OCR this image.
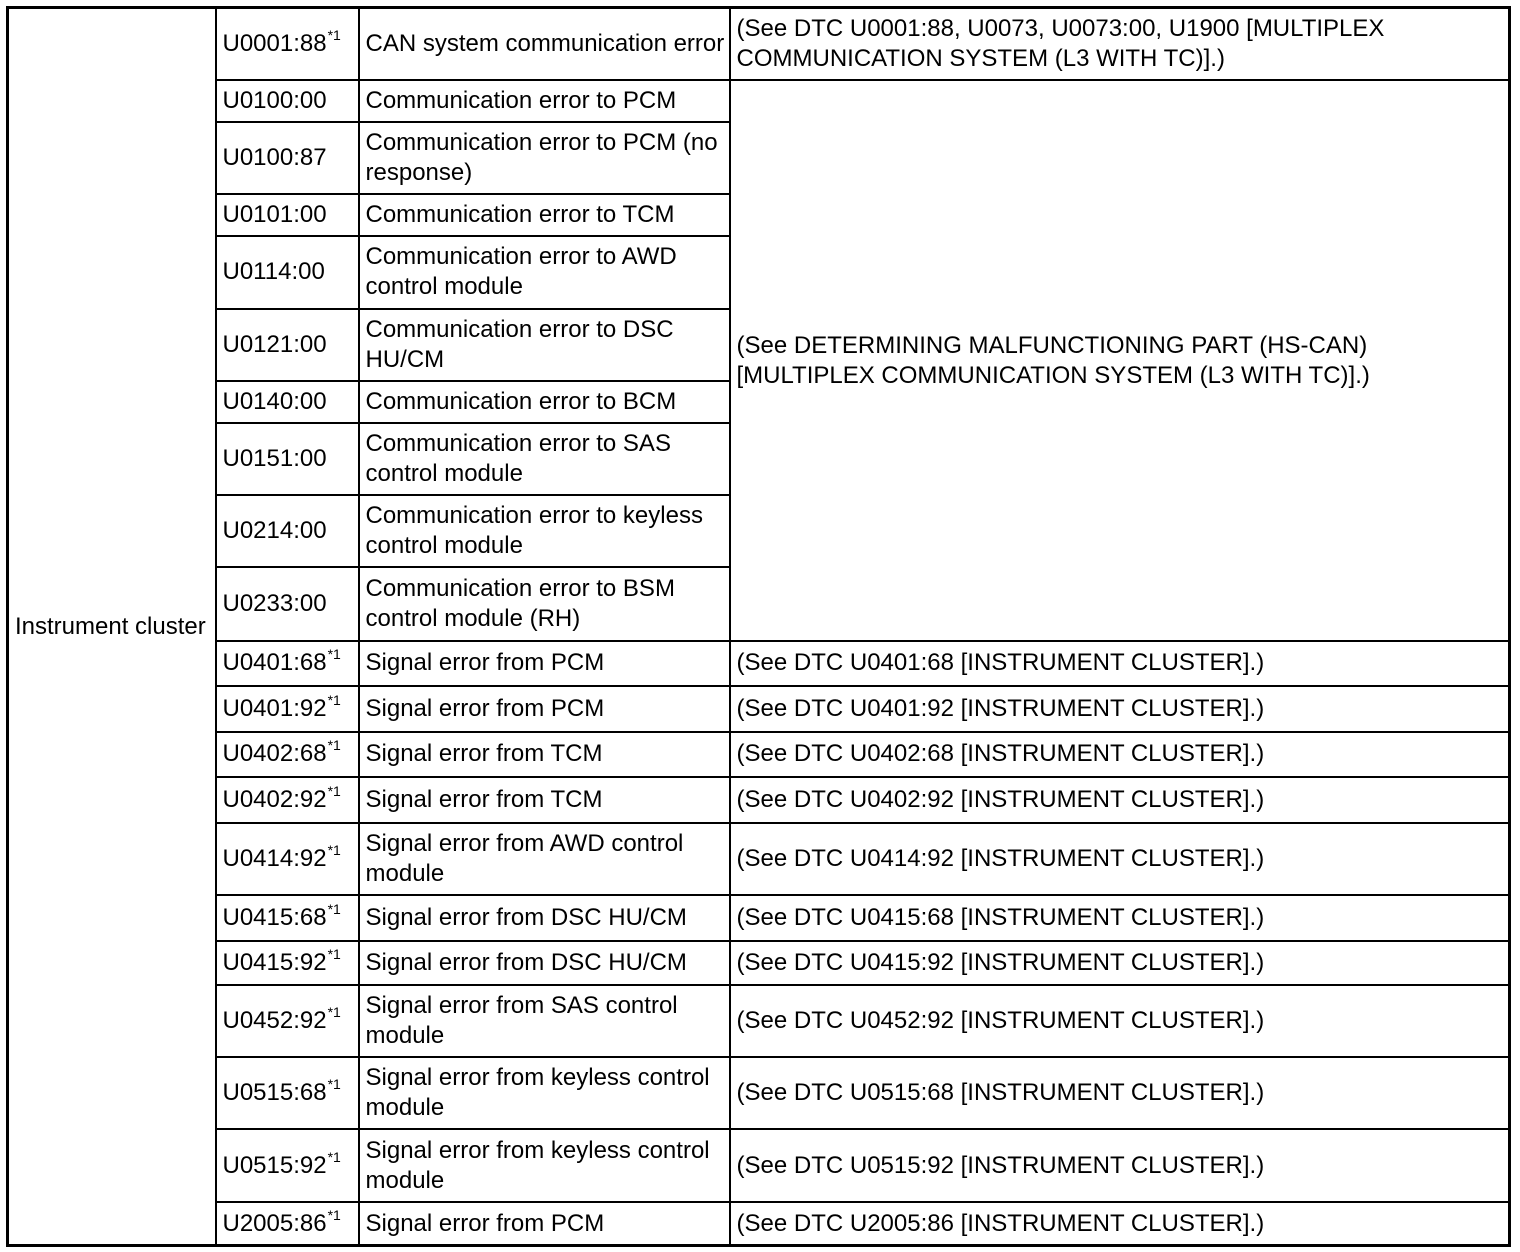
Instrument cluster	U0001:88$^{*1}$	CAN system communication error	(See DTC U0001:88, U0073, U0073:00, U1900 [MULTIPLEX COMMUNICATION SYSTEM (L3 WITH TC)].)
	U0100:00	Communication error to PCM	(See DETERMINING MALFUNCTIONING PART (HS-CAN) [MULTIPLEX COMMUNICATION SYSTEM (L3 WITH TC)].)
	U0100:87	Communication error to PCM (no response)	
	U0101:00	Communication error to TCM	
	U0114:00	Communication error to AWD control module	
	U0121:00	Communication error to DSC HU/CM	
	U0140:00	Communication error to BCM	
	U0151:00	Communication error to SAS control module	
	U0214:00	Communication error to keyless control module	
	U0233:00	Communication error to BSM control module (RH)	
	U0401:68$^{*1}$	Signal error from PCM	(See DTC U0401:68 [INSTRUMENT CLUSTER].)
	U0401:92$^{*1}$	Signal error from PCM	(See DTC U0401:92 [INSTRUMENT CLUSTER].)
	U0402:68$^{*1}$	Signal error from TCM	(See DTC U0402:68 [INSTRUMENT CLUSTER].)
	U0402:92$^{*1}$	Signal error from TCM	(See DTC U0402:92 [INSTRUMENT CLUSTER].)
	U0414:92$^{*1}$	Signal error from AWD control module	(See DTC U0414:92 [INSTRUMENT CLUSTER].)
	U0415:68$^{*1}$	Signal error from DSC HU/CM	(See DTC U0415:68 [INSTRUMENT CLUSTER].)
	U0415:92$^{*1}$	Signal error from DSC HU/CM	(See DTC U0415:92 [INSTRUMENT CLUSTER].)
	U0452:92$^{*1}$	Signal error from SAS control module	(See DTC U0452:92 [INSTRUMENT CLUSTER].)
	U0515:68$^{*1}$	Signal error from keyless control module	(See DTC U0515:68 [INSTRUMENT CLUSTER].)
	U0515:92$^{*1}$	Signal error from keyless control module	(See DTC U0515:92 [INSTRUMENT CLUSTER].)
	U2005:86$^{*1}$	Signal error from PCM	(See DTC U2005:86 [INSTRUMENT CLUSTER].)
